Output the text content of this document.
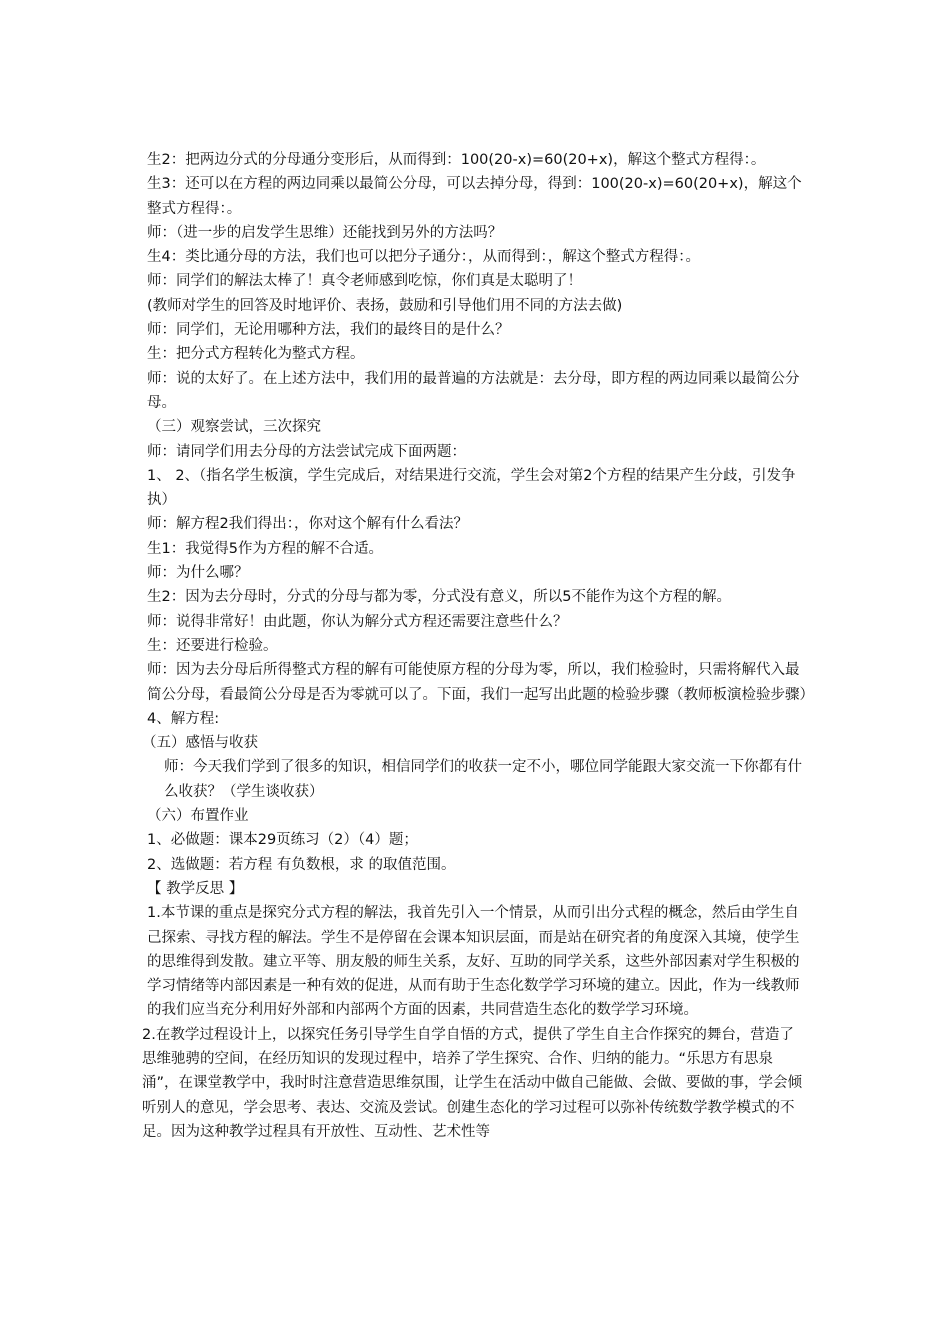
生2：把两边分式的分母通分变形后，从而得到：100(20-x)=60(20+x)，解这个整式方程得：。

生3：还可以在方程的两边同乘以最简公分母，可以去掉分母，得到：100(20-x)=60(20+x)，解这个整式方程得：。

师：（进一步的启发学生思维）还能找到另外的方法吗？

生4：类比通分母的方法，我们也可以把分子通分：，从而得到：，解这个整式方程得：。

师：同学们的解法太棒了！真令老师感到吃惊，你们真是太聪明了！

(教师对学生的回答及时地评价、表扬，鼓励和引导他们用不同的方法去做)

师：同学们，无论用哪种方法，我们的最终目的是什么？

生：把分式方程转化为整式方程。

师：说的太好了。在上述方法中，我们用的最普遍的方法就是：去分母，即方程的两边同乘以最简公分母。

（三）观察尝试，三次探究

师：请同学们用去分母的方法尝试完成下面两题：

1、 2、（指名学生板演，学生完成后，对结果进行交流，学生会对第2个方程的结果产生分歧，引发争执）

师：解方程2我们得出：，你对这个解有什么看法？

生1：我觉得5作为方程的解不合适。

师：为什么哪？

生2：因为去分母时，分式的分母与都为零，分式没有意义，所以5不能作为这个方程的解。

师：说得非常好！由此题，你认为解分式方程还需要注意些什么？

生：还要进行检验。

师：因为去分母后所得整式方程的解有可能使原方程的分母为零，所以，我们检验时，只需将解代入最简公分母，看最简公分母是否为零就可以了。下面，我们一起写出此题的检验步骤（教师板演检验步骤）

4、解方程:

（五）感悟与收获

师：今天我们学到了很多的知识，相信同学们的收获一定不小，哪位同学能跟大家交流一下你都有什么收获？（学生谈收获）

（六）布置作业

1、必做题：课本29页练习（2）（4）题；

2、选做题：若方程 有负数根，求 的取值范围。

【 教学反思 】

1.本节课的重点是探究分式方程的解法，我首先引入一个情景，从而引出分式程的概念，然后由学生自己探索、寻找方程的解法。学生不是停留在会课本知识层面，而是站在研究者的角度深入其境，使学生的思维得到发散。建立平等、朋友般的师生关系，友好、互助的同学关系，这些外部因素对学生积极的学习情绪等内部因素是一种有效的促进，从而有助于生态化数学学习环境的建立。因此，作为一线教师的我们应当充分利用好外部和内部两个方面的因素，共同营造生态化的数学学习环境。

2.在教学过程设计上，以探究任务引导学生自学自悟的方式，提供了学生自主合作探究的舞台，营造了思维驰骋的空间，在经历知识的发现过程中，培养了学生探究、合作、归纳的能力。“乐思方有思泉涌”，在课堂教学中，我时时注意营造思维氛围，让学生在活动中做自己能做、会做、要做的事，学会倾听别人的意见，学会思考、表达、交流及尝试。创建生态化的学习过程可以弥补传统数学教学模式的不足。因为这种教学过程具有开放性、互动性、艺术性等
